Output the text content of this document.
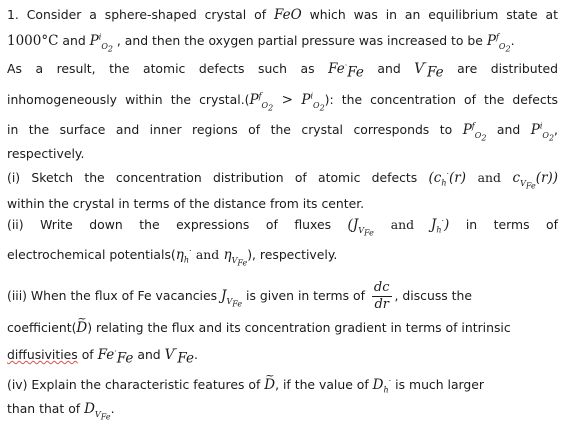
1. Consider a sphere-shaped crystal of FeO which was in an equilibrium state at
1000°C and $P^i_{O_2}$ , and then the oxygen partial pressure was increased to be $P^f_{O_2}$.
As a result, the atomic defects such as $Fe^\cdot_{Fe}$ and $V''_{Fe}$ are distributed
inhomogeneously within the $crystal.(P^f_{O_2} > P^i_{O_2})$: the concentration of the defects
in the surface and inner regions of the crystal corresponds to $P^f_{O_2}$ and $P^i_{O_2}$,
respectively.
(i) Sketch the concentration distribution of atomic defects ($c_h^\cdot(r)$ and $c_{V_{Fe}}(r)$)
within the crystal in terms of the distance from its center.
(ii) Write down the expressions of fluxes ($J_{V_{Fe}}$ and $J_h^\cdot$) in terms of
electrochemical $potentials(\eta_h^\cdot$ and $\eta_{V_{Fe}}$), respectively.
(iii) When the flux of Fe vacancies $J_{V_{Fe}}$ is given in terms of $\frac{dc}{dr}$ , discuss the
coefficient(~ D) relating the flux and its concentration gradient in terms of intrinsic
diffusivities of $Fe^\cdot_{Fe}$ and $V''_{Fe}$.
(iv) Explain the characteristic features of ~ D, if the value of $D_h^\cdot$ is much larger
than that of $D_{V_{Fe}}$.
